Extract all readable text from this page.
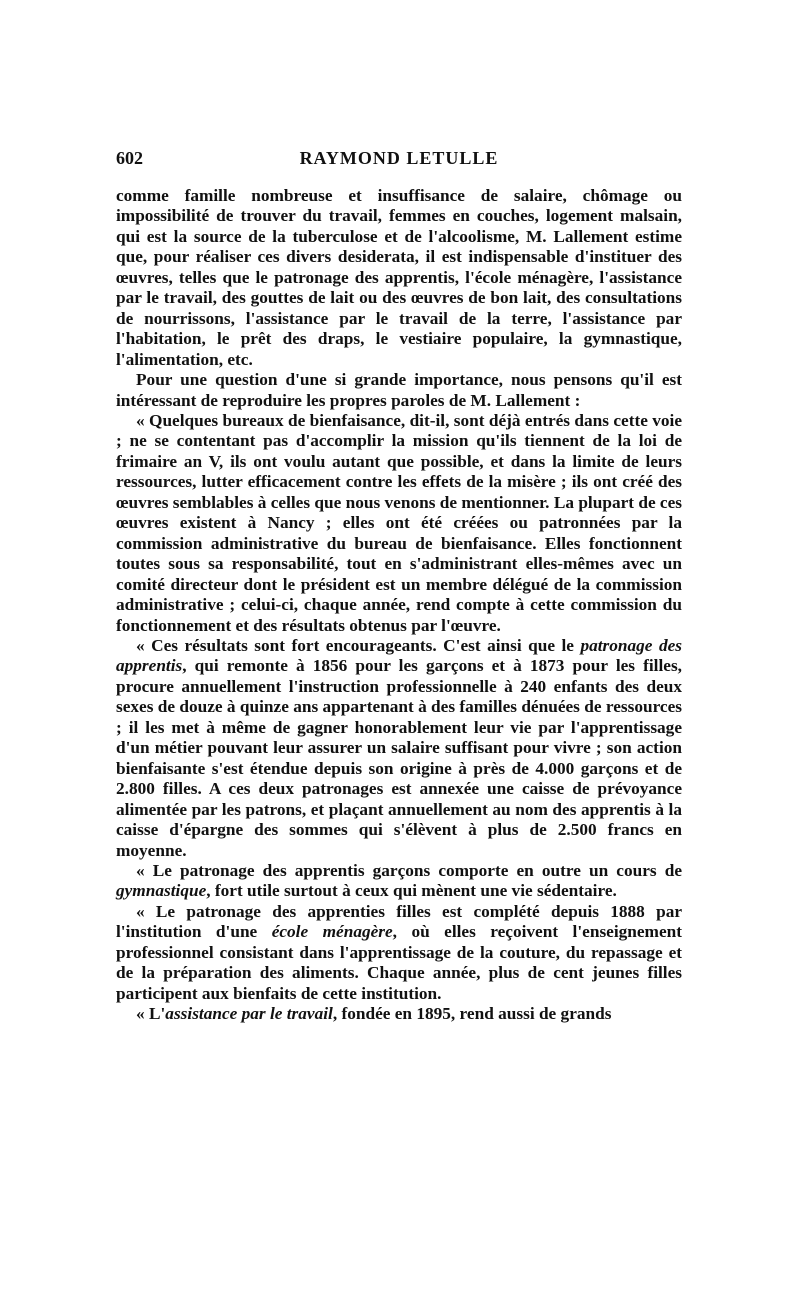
602	RAYMOND LETULLE

comme famille nombreuse et insuffisance de salaire, chômage ou impossibilité de trouver du travail, femmes en couches, logement malsain, qui est la source de la tuberculose et de l'alcoolisme, M. Lallement estime que, pour réaliser ces divers desiderata, il est indispensable d'instituer des œuvres, telles que le patronage des apprentis, l'école ménagère, l'assistance par le travail, des gouttes de lait ou des œuvres de bon lait, des consultations de nourrissons, l'assistance par le travail de la terre, l'assistance par l'habitation, le prêt des draps, le vestiaire populaire, la gymnastique, l'alimentation, etc.

Pour une question d'une si grande importance, nous pensons qu'il est intéressant de reproduire les propres paroles de M. Lallement :

« Quelques bureaux de bienfaisance, dit-il, sont déjà entrés dans cette voie ; ne se contentant pas d'accomplir la mission qu'ils tiennent de la loi de frimaire an V, ils ont voulu autant que possible, et dans la limite de leurs ressources, lutter efficacement contre les effets de la misère ; ils ont créé des œuvres semblables à celles que nous venons de mentionner. La plupart de ces œuvres existent à Nancy ; elles ont été créées ou patronnées par la commission administrative du bureau de bienfaisance. Elles fonctionnent toutes sous sa responsabilité, tout en s'administrant elles-mêmes avec un comité directeur dont le président est un membre délégué de la commission administrative ; celui-ci, chaque année, rend compte à cette commission du fonctionnement et des résultats obtenus par l'œuvre.

« Ces résultats sont fort encourageants. C'est ainsi que le patronage des apprentis, qui remonte à 1856 pour les garçons et à 1873 pour les filles, procure annuellement l'instruction professionnelle à 240 enfants des deux sexes de douze à quinze ans appartenant à des familles dénuées de ressources ; il les met à même de gagner honorablement leur vie par l'apprentissage d'un métier pouvant leur assurer un salaire suffisant pour vivre ; son action bienfaisante s'est étendue depuis son origine à près de 4.000 garçons et de 2.800 filles. A ces deux patronages est annexée une caisse de prévoyance alimentée par les patrons, et plaçant annuellement au nom des apprentis à la caisse d'épargne des sommes qui s'élèvent à plus de 2.500 francs en moyenne.

« Le patronage des apprentis garçons comporte en outre un cours de gymnastique, fort utile surtout à ceux qui mènent une vie sédentaire.

« Le patronage des apprenties filles est complété depuis 1888 par l'institution d'une école ménagère, où elles reçoivent l'enseignement professionnel consistant dans l'apprentissage de la couture, du repassage et de la préparation des aliments. Chaque année, plus de cent jeunes filles participent aux bienfaits de cette institution.

« L'assistance par le travail, fondée en 1895, rend aussi de grands
